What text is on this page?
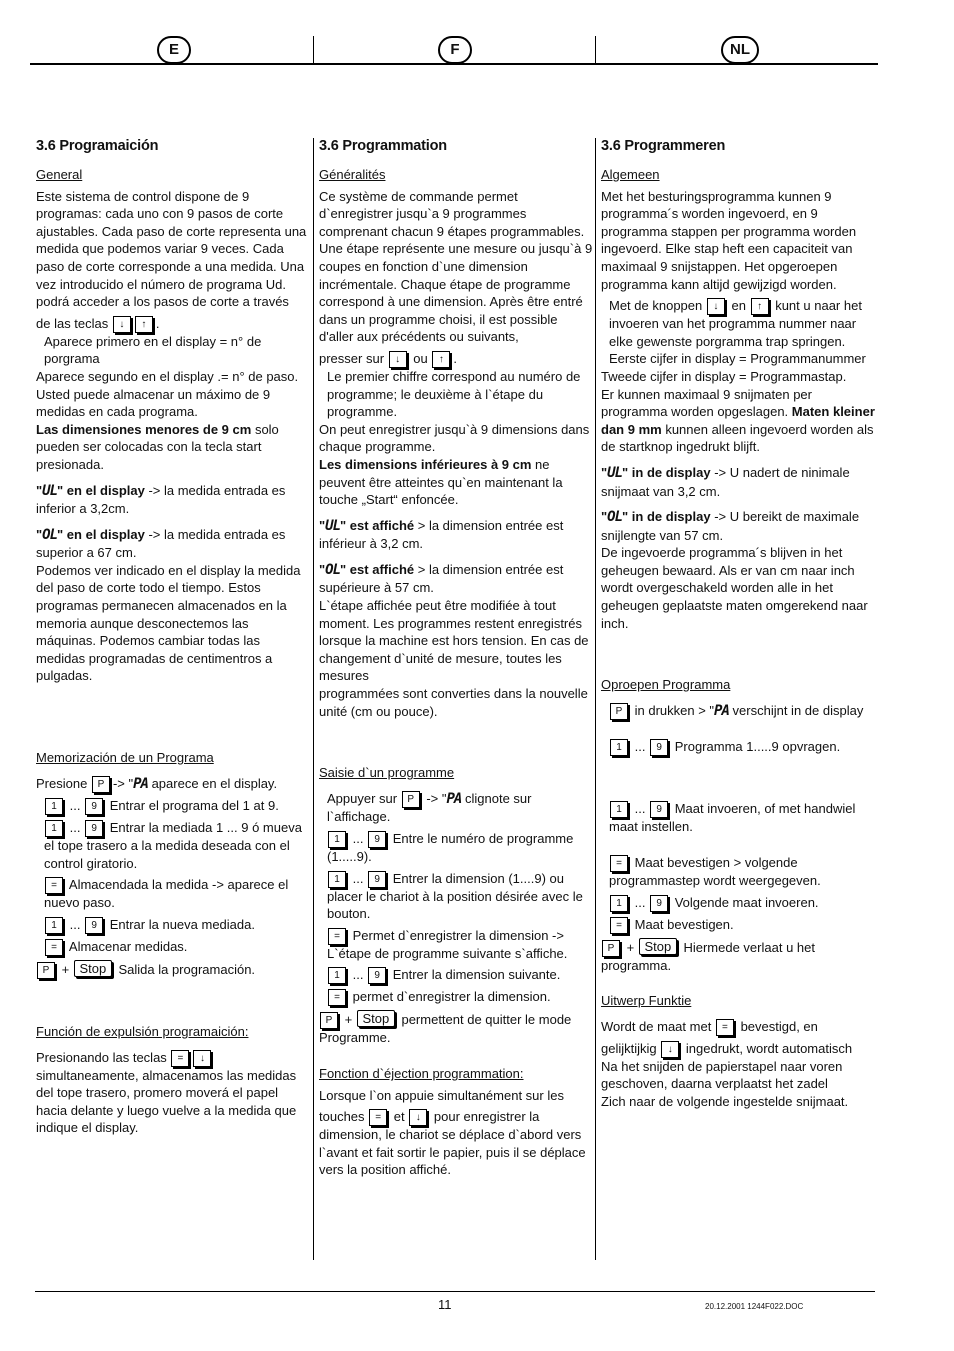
E	F	NL
3.6 Programaición

General

Este sistema de control dispone de 9 programas: cada uno con 9 pasos de corte ajustables. Cada paso de corte representa una medida que podemos variar 9 veces. Cada paso de corte corresponde a una medida. Una vez introducido el número de programa Ud. podrá acceder a los pasos de corte a través

de las teclas ↓ ↑ .

Aparece primero en el display = n° de porgrama

Aparece segundo en el display .= n° de paso.

Usted puede almacenar un máximo de 9 medidas en cada programa.

Las dimensiones menores de 9 cm solo pueden ser colocadas con la tecla start presionada.

"UL" en el display -> la medida entrada es inferior a 3,2cm.

"OL" en el display -> la medida entrada es superior a 67 cm.

Podemos ver indicado en el display la medida del paso de corte todo el tiempo. Estos programas permanecen almacenados en la memoria aunque desconectemos las máquinas. Podemos cambiar todas las medidas programadas de centimentros a pulgadas.

Memorización de un Programa

Presione P -> "PA aparece en el display.

1 ... 9 Entrar el programa del 1 at 9.

1 ... 9 Entrar la mediada 1 ... 9 ó mueva el tope trasero a la medida deseada con el control giratorio.

= Almacendada la medida -> aparece el nuevo paso.

1 ... 9 Entrar la nueva mediada.

= Almacenar medidas.

P + Stop Salida la programación.

Función de expulsión programaición:

Presionando las teclas = ↓ simultaneamente, almacenamos las medidas del tope trasero, promero moverá el papel hacia delante y luego vuelve a la medida que indique el display.

3.6 Programmation

Généralités

Ce système de commande permet d`enregistrer jusqu`a 9 programmes comprenant chacun 9 étapes programmables. Une étape représente une mesure ou jusqu`à 9 coupes en fonction d`une dimension incrémentale. Chaque étape de programme correspond à une dimension. Après être entré dans un programme choisi, il est possible d'aller aux précédents ou suivants,

presser sur ↓ ou ↑ .

Le premier chiffre correspond au numéro de programme; le deuxième à l`étape du programme.

On peut enregistrer jusqu`à 9 dimensions dans chaque programme.

Les dimensions inférieures à 9 cm ne peuvent être atteintes qu`en maintenant la touche „Start“ enfoncée.

"UL" est affiché > la dimension entrée est inférieur à 3,2 cm.

"OL" est affiché > la dimension entrée est supérieure à 57 cm.

L`étape affichée peut être modifiée à tout moment. Les programmes restent enregistrés lorsque la machine est hors tension. En cas de changement d`unité de mesure, toutes les mesures

programmées sont converties dans la nouvelle unité (cm ou pouce).

Saisie d`un programme

Appuyer sur P -> "PA clignote sur l`affichage.

1 ... 9 Entre le numéro de programme (1.....9).

1 ... 9 Entrer la dimension (1....9) ou placer le chariot à la position désirée avec le bouton.

= Permet d`enregistrer la dimension -> L`étape de programme suivante s`affiche.

1 ... 9 Entrer la dimension suivante.

= permet d`enregistrer la dimension.

P + Stop permettent de quitter le mode Programme.

Fonction d`éjection programmation:

Lorsque l`on appuie simultanément sur les

touches = et ↓ pour enregistrer la dimension, le chariot se déplace d`abord vers l`avant et fait sortir le papier, puis il se déplace vers la position affiché.

3.6 Programmeren

Algemeen

Met het besturingsprogramma kunnen 9 programma´s worden ingevoerd, en 9 programma stappen per programma worden ingevoerd. Elke stap heft een capaciteit van maximaal 9 snijstappen. Het opgeroepen programma kann altijd gewijzigd worden.

Met de knoppen ↓ en ↑ kunt u naar het invoeren van het programma nummer naar elke gewenste porgramma trap springen.

Eerste cijfer in display = Programmanummer

Tweede cijfer in display = Programmastap.

Er kunnen maximaal 9 snijmaten per programma worden opgeslagen. Maten kleiner dan 9 mm kunnen alleen ingevoerd worden als de startknop ingedrukt blijft.

"UL" in de display -> U nadert de ninimale snijmaat van 3,2 cm.

"OL" in de display -> U bereikt de maximale snijlengte van 57 cm.

De ingevoerde programma´s blijven in het geheugen bewaard. Als er van cm naar inch wordt overgeschakeld worden alle in het geheugen geplaatste maten omgerekend naar inch.

Oproepen Programma

P in drukken > "PA verschijnt in de display

1 ... 9 Programma 1.....9 opvragen.

1 ... 9 Maat invoeren, of met handwiel maat instellen.

= Maat bevestigen > volgende programmastep wordt weergegeven.

1 ... 9 Volgende maat invoeren.

= Maat bevestigen.

P + Stop Hiermede verlaat u het programma.

Uitwerp Funktie

Wordt de maat met = bevestigd, en

gelijktijkig ↓ ingedrukt, wordt automatisch

Na het snijden de papierstapel naar voren geschoven, daarna verplaatst het zadel

Zich naar de volgende ingestelde snijmaat.

11	20.12.2001 1244F022.DOC
